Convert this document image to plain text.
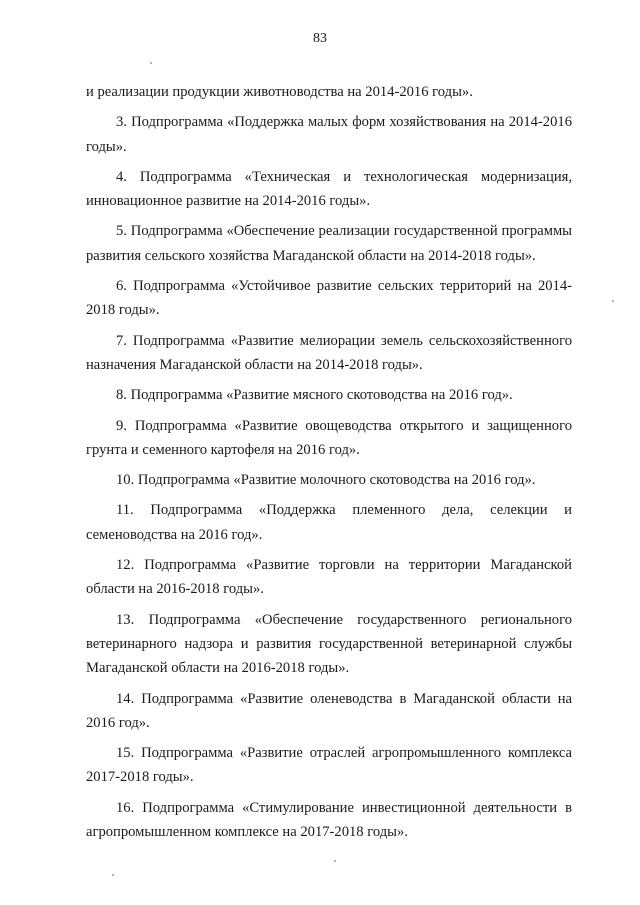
83

и реализации продукции животноводства на 2014-2016 годы».

3. Подпрограмма «Поддержка малых форм хозяйствования на 2014-2016 годы».

4. Подпрограмма «Техническая и технологическая модернизация, инновационное развитие на 2014-2016 годы».

5. Подпрограмма «Обеспечение реализации государственной программы развития сельского хозяйства Магаданской области на 2014-2018 годы».

6. Подпрограмма «Устойчивое развитие сельских территорий на 2014-2018 годы».

7. Подпрограмма «Развитие мелиорации земель сельскохозяйственного назначения Магаданской области на 2014-2018 годы».

8. Подпрограмма «Развитие мясного скотоводства на 2016 год».

9. Подпрограмма «Развитие овощеводства открытого и защищенного грунта и семенного картофеля на 2016 год».

10. Подпрограмма «Развитие молочного скотоводства на 2016 год».

11. Подпрограмма «Поддержка племенного дела, селекции и семеноводства на 2016 год».

12. Подпрограмма «Развитие торговли на территории Магаданской области на 2016-2018 годы».

13. Подпрограмма «Обеспечение государственного регионального ветеринарного надзора и развития государственной ветеринарной службы Магаданской области на 2016-2018 годы».

14. Подпрограмма «Развитие оленеводства в Магаданской области на 2016 год».

15. Подпрограмма «Развитие отраслей агропромышленного комплекса 2017-2018 годы».

16. Подпрограмма «Стимулирование инвестиционной деятельности в агропромышленном комплексе на 2017-2018 годы».
